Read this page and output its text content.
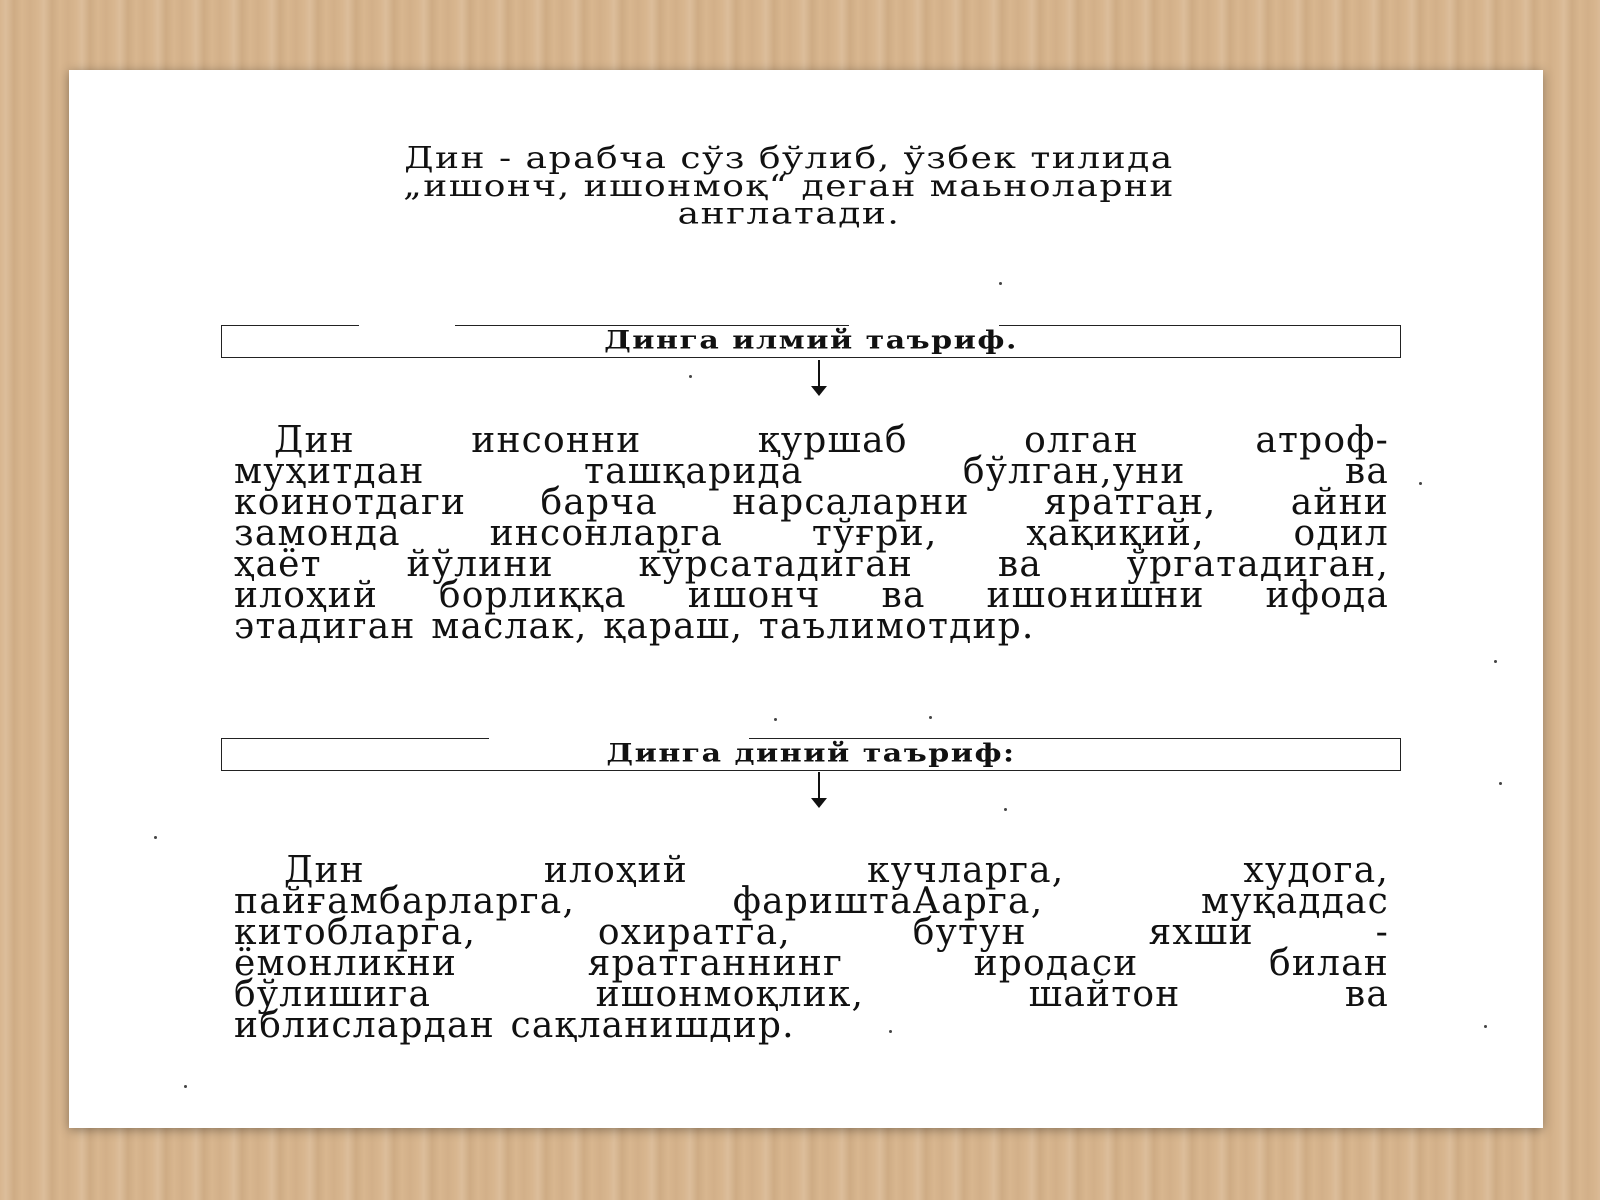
Дин - арабча сўз бўлиб, ўзбек тилида
„ишонч, ишонмоқ“ деган маьноларни
англатади.
Динга илмий таъриф.

Дин инсонни қуршаб олган атроф-

муҳитдан ташқарида бўлган,уни ва

коинотдаги барча нарсаларни яратган, айни

замонда инсонларга тўғри, ҳақиқий, одил

ҳаёт йўлини кўрсатадиган ва ўргатадиган,

илоҳий борлиққа ишонч ва ишонишни ифода

этадиган маслак, қараш, таълимотдир.

Динга диний таъриф:

Дин илоҳий кучларга, худога,

пайғамбарларга, фариштаАарга, муқаддас

китобларга, охиратга, бутун яхши -

ёмонликни яратганнинг иродаси билан

бўлишига ишонмоқлик, шайтон ва

иблислардан сақланишдир.
